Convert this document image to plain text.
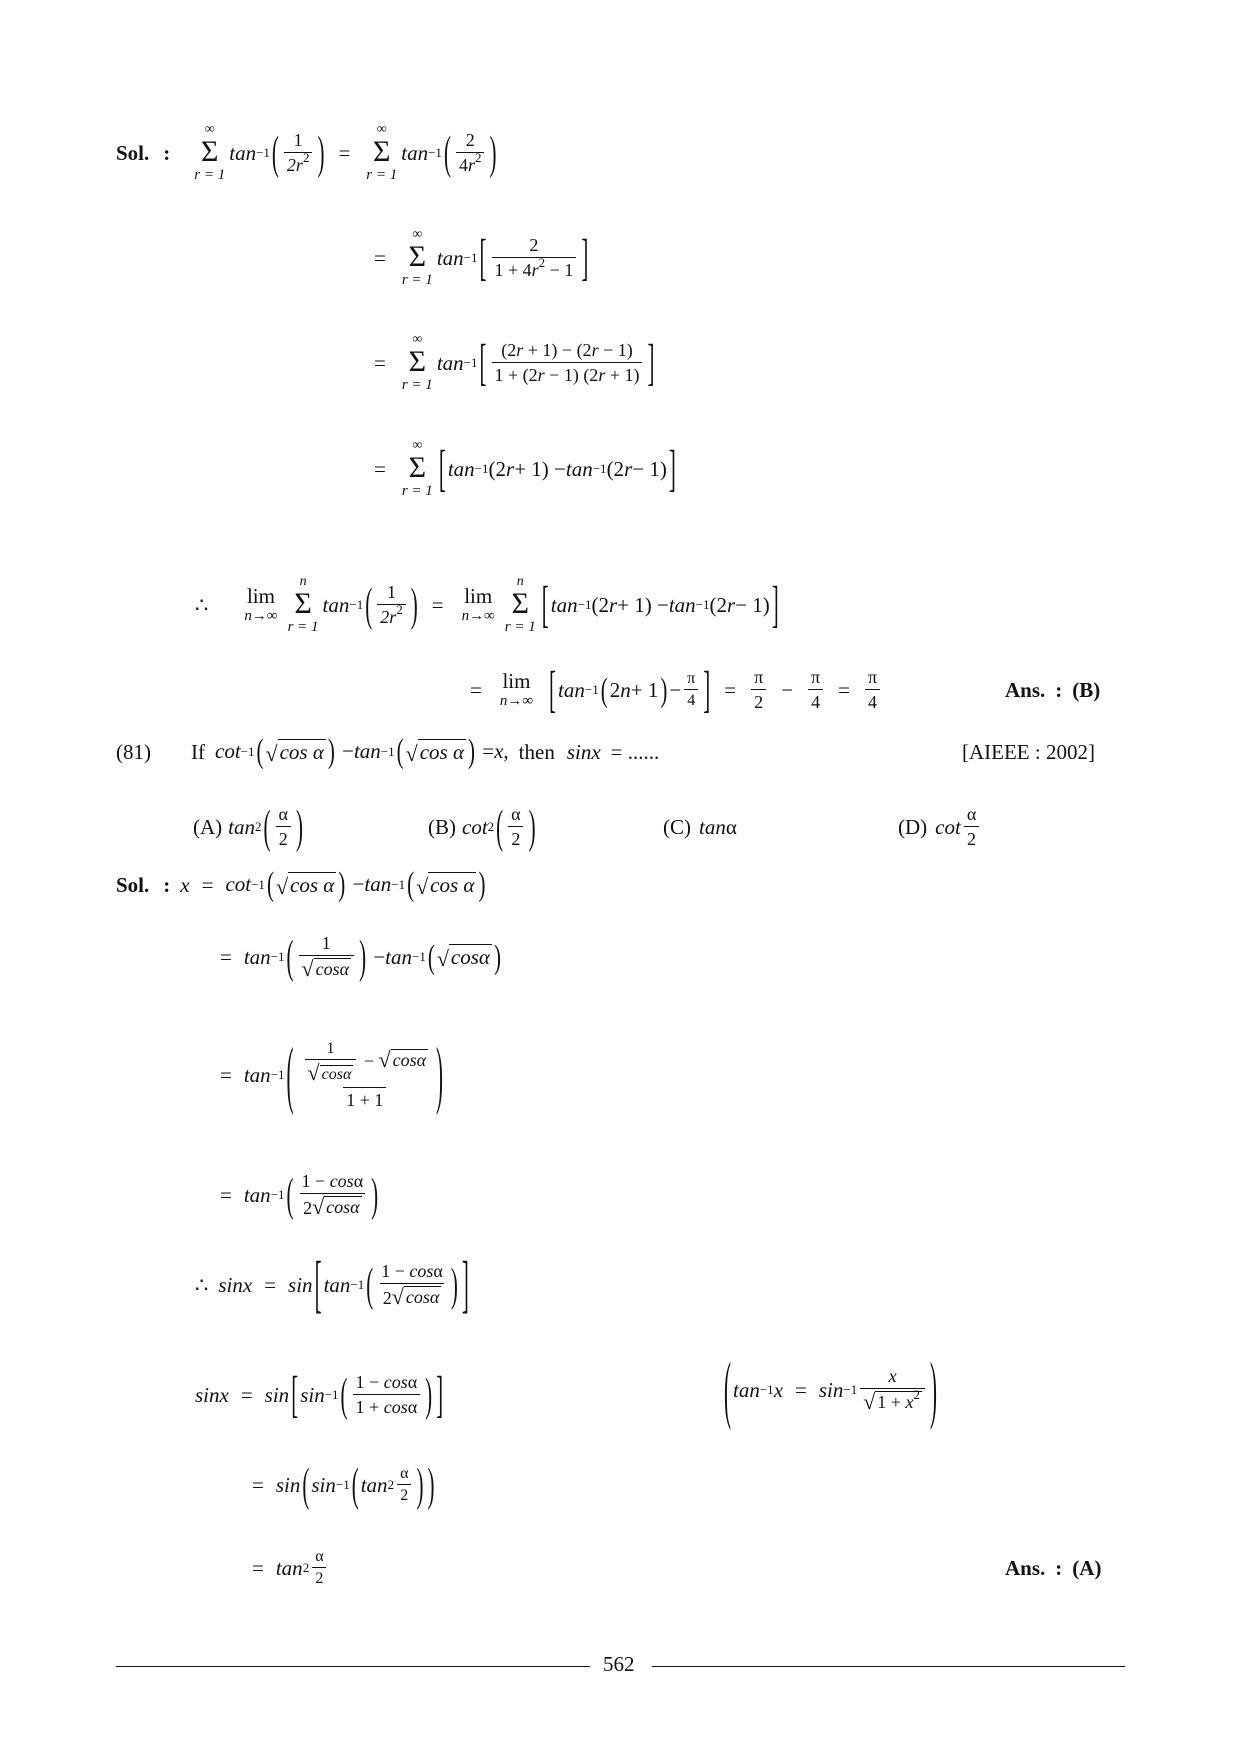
Sol. :
∞
Σ
r = 1
tan −1 ( $\frac{1}{2r^2}$ ) =
∞
Σ
r = 1
tan −1 ( $\frac{2}{4r^2}$ )
=
∞
Σ
r = 1
tan −1 [ $\frac{2}{1 + 4r^2 - 1}$ ]
=
∞
Σ
r = 1
tan −1 [ $\frac{(2r + 1) - (2r - 1)}{1 + (2r - 1) (2r + 1)}$ ]
=
∞
Σ
r = 1 [ tan −1 (2 r + 1) − tan −1 (2 r − 1) ]
∴ lim
n→∞
n
Σ
r = 1
tan −1 ( $\frac{1}{2r^2}$ ) = lim
n→∞
n
Σ
r = 1 [ tan −1 (2 r + 1) − tan −1 (2 r − 1) ]
= lim
n→∞ [ tan −1 ( 2 n + 1 ) − $\frac{\pi}{4}$ ] = $\frac{\pi}{2} - \frac{\pi}{4} = \frac{\pi}{4}$	Ans. : (B)
(81) If cot −1 ( √ cos α ) − tan −1 ( √ cos α ) = x , then sinx = ......	[AIEEE : 2002]
(A) tan 2 ( $\frac{\alpha}{2}$ )	(B) cot 2 ( $\frac{\alpha}{2}$ )	(C) tan α	(D) $\cot \frac{\alpha}{2}$
Sol. : x = cot −1 ( √ cos α ) − tan −1 ( √ cos α )
= tan −1 ( $\frac{1}{√ \cos\alpha}$ ) − tan −1 ( √ cosα )
= tan −1 ( $\frac{\frac{1}{√ \cos\alpha} - √ \cos\alpha}{1 + 1}$ )
= tan −1 ( $\frac{1 - \cos\alpha}{2 √ \cos\alpha}$ )
∴ sinx = sin [ tan −1 ( $\frac{1 - \cos\alpha}{2 √ \cos\alpha}$ ) ]
sinx = sin [ sin −1 ( $\frac{1 - \cos\alpha}{1 + \cos\alpha}$ ) ]	( tan −1 $x = \sin -1 \frac{x}{√ 1 + x^2}$ )
= sin ( sin −1 ( $\tan 2 \frac{\alpha}{2}$ ) )
= $\tan 2 \frac{\alpha}{2}$	Ans. : (A)
562
